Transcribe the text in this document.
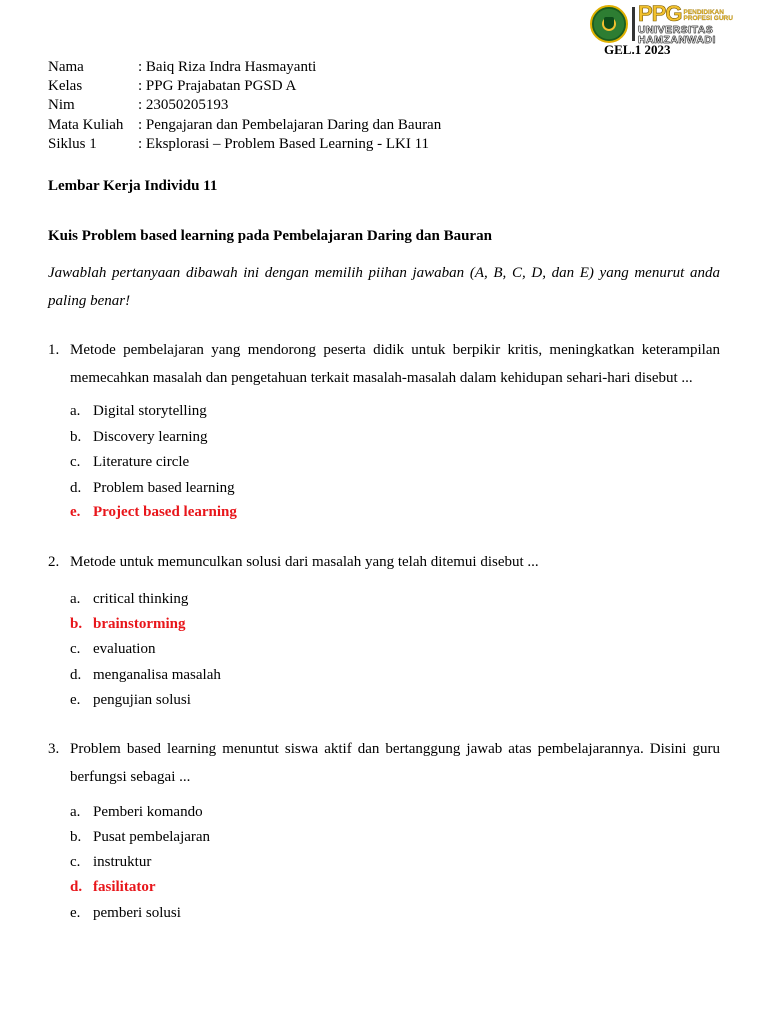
PPG PENDIDIKAN
PROFESI GURU
UNIVERSITAS
HAMZANWADI
GEL.1 2023
Nama	: Baiq Riza Indra Hasmayanti
Kelas	: PPG Prajabatan PGSD A
Nim	: 23050205193
Mata Kuliah : Pengajaran dan Pembelajaran Daring dan Bauran
Siklus 1	: Eksplorasi – Problem Based Learning - LKI 11
Lembar Kerja Individu 11
Kuis Problem based learning pada Pembelajaran Daring dan Bauran
Jawablah pertanyaan dibawah ini dengan memilih piihan jawaban (A, B, C, D, dan E) yang menurut anda paling benar!
1. Metode pembelajaran yang mendorong peserta didik untuk berpikir kritis, meningkatkan keterampilan memecahkan masalah dan pengetahuan terkait masalah-masalah dalam kehidupan sehari-hari disebut ...
a. Digital storytelling
b. Discovery learning
c. Literature circle
d. Problem based learning
e. Project based learning
2. Metode untuk memunculkan solusi dari masalah yang telah ditemui disebut ...
a. critical thinking
b. brainstorming
c. evaluation
d. menganalisa masalah
e. pengujian solusi
3. Problem based learning menuntut siswa aktif dan bertanggung jawab atas pembelajarannya. Disini guru berfungsi sebagai ...
a. Pemberi komando
b. Pusat pembelajaran
c. instruktur
d. fasilitator
e. pemberi solusi
